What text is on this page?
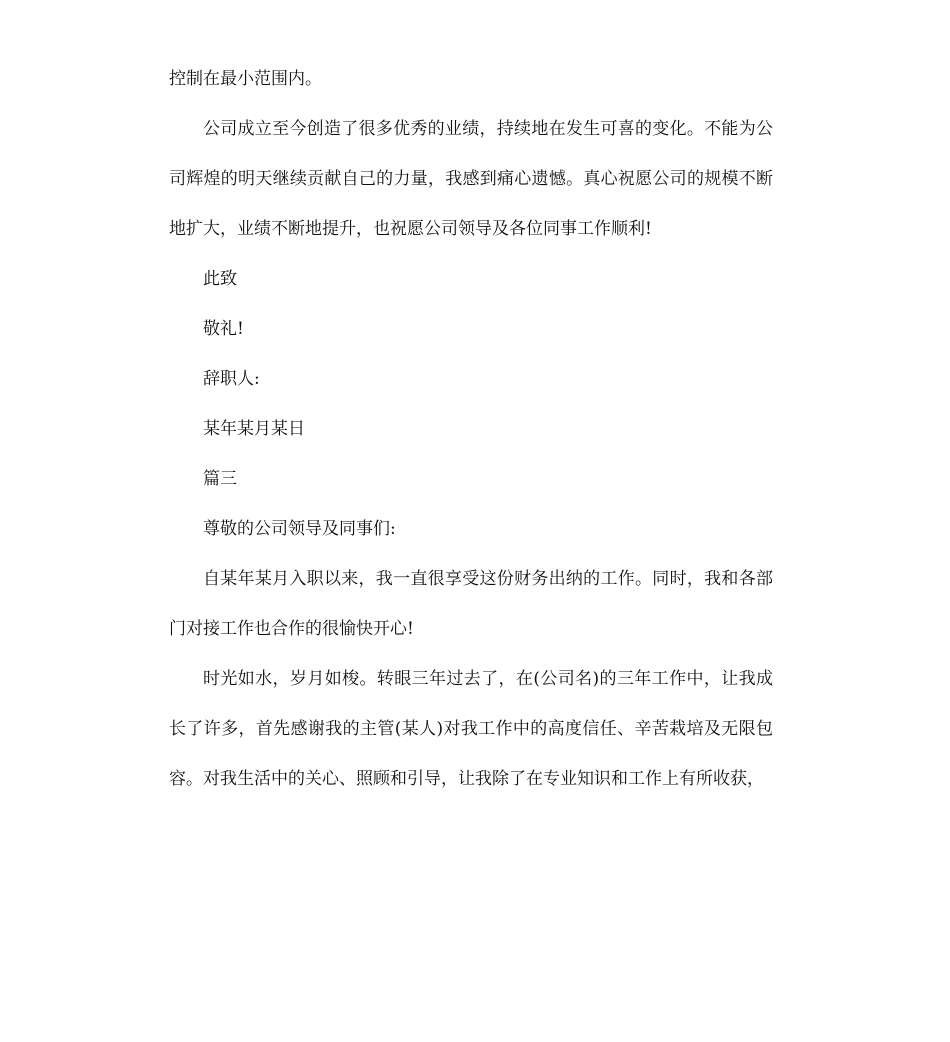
控制在最小范围内。

公司成立至今创造了很多优秀的业绩，持续地在发生可喜的变化。不能为公司辉煌的明天继续贡献自己的力量，我感到痛心遗憾。真心祝愿公司的规模不断地扩大，业绩不断地提升，也祝愿公司领导及各位同事工作顺利!

此致

敬礼!

辞职人:

某年某月某日

篇三

尊敬的公司领导及同事们:

自某年某月入职以来，我一直很享受这份财务出纳的工作。同时，我和各部门对接工作也合作的很愉快开心!

时光如水，岁月如梭。转眼三年过去了，在(公司名)的三年工作中，让我成长了许多，首先感谢我的主管(某人)对我工作中的高度信任、辛苦栽培及无限包容。对我生活中的关心、照顾和引导，让我除了在专业知识和工作上有所收获，
